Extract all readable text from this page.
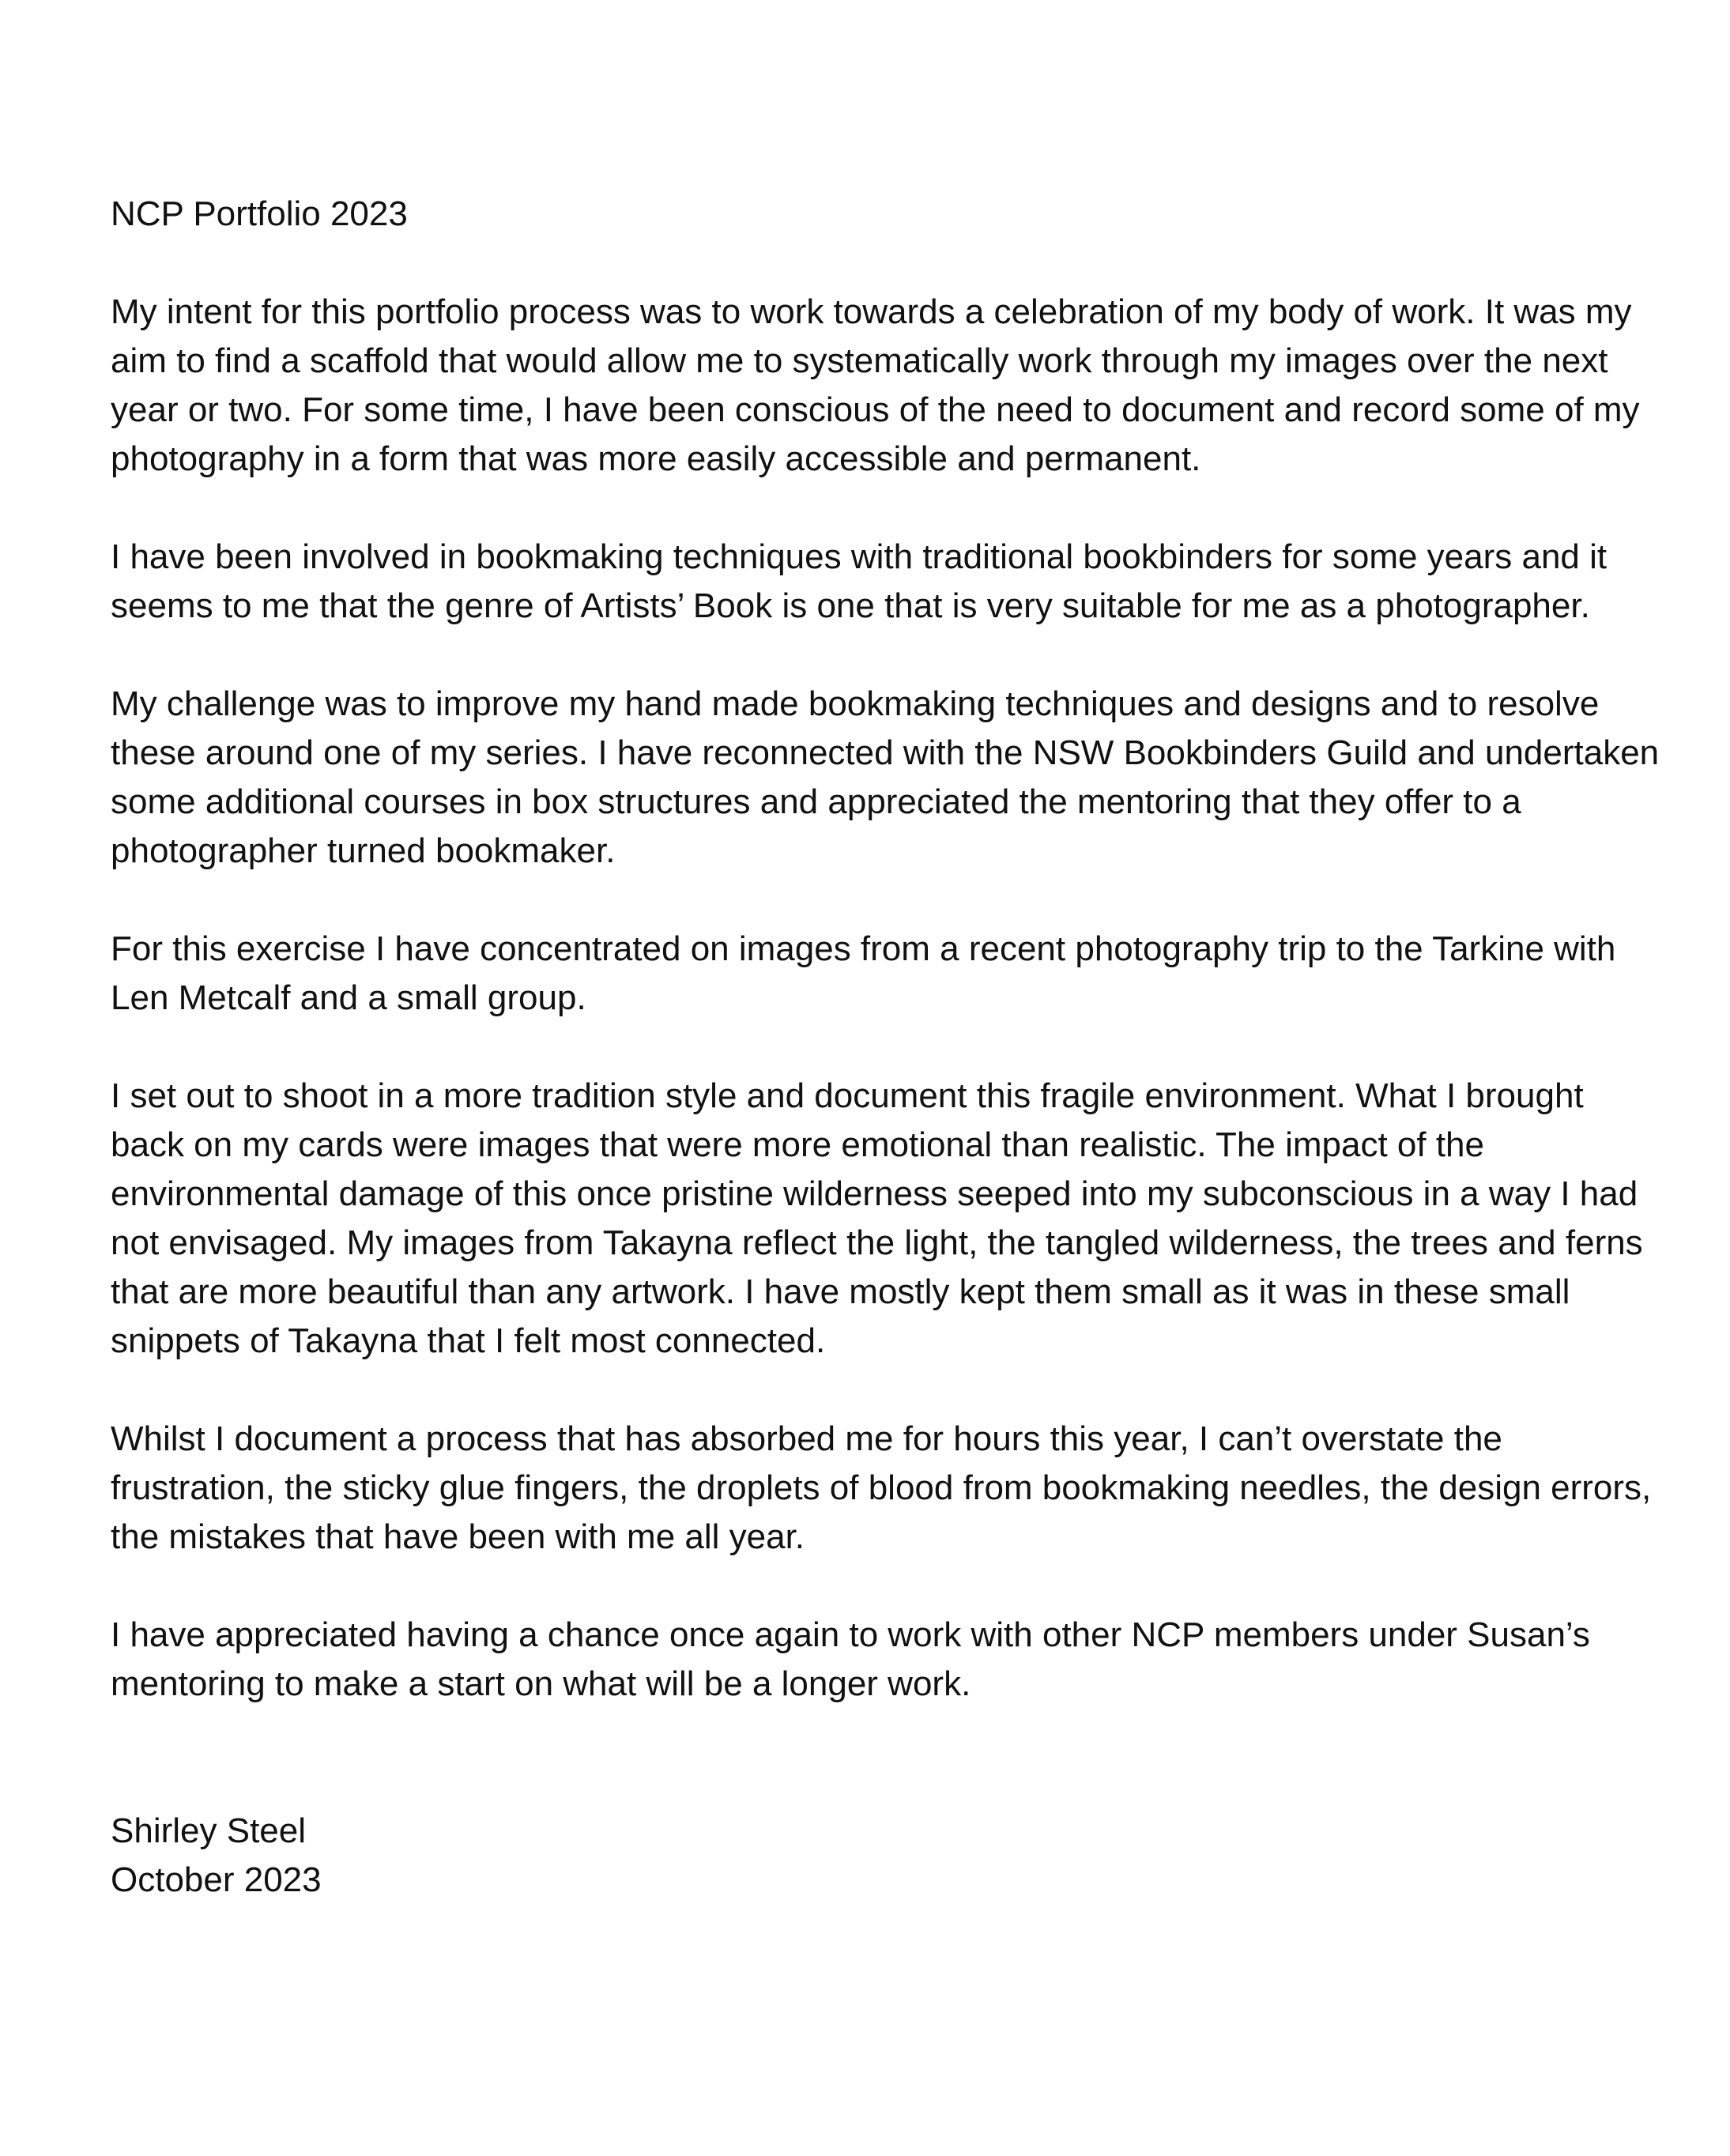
NCP Portfolio 2023

My intent for this portfolio process was to work towards a celebration of my body of work. It was my aim to find a scaffold that would allow me to systematically work through my images over the next year or two. For some time, I have been conscious of the need to document and record some of my photography in a form that was more easily accessible and permanent.

I have been involved in bookmaking techniques with traditional bookbinders for some years and it seems to me that the genre of Artists’ Book is one that is very suitable for me as a photographer.

My challenge was to improve my hand made bookmaking techniques and designs and to resolve these around one of my series. I have reconnected with the NSW Bookbinders Guild and undertaken some additional courses in box structures and appreciated the mentoring that they offer to a photographer turned bookmaker.

For this exercise I have concentrated on images from a recent photography trip to the Tarkine with Len Metcalf and a small group.

I set out to shoot in a more tradition style and document this fragile environment. What I brought back on my cards were images that were more emotional than realistic. The impact of the environmental damage of this once pristine wilderness seeped into my subconscious in a way I had not envisaged. My images from Takayna reflect the light, the tangled wilderness, the trees and ferns that are more beautiful than any artwork. I have mostly kept them small as it was in these small snippets of Takayna that I felt most connected.

Whilst I document a process that has absorbed me for hours this year, I can’t overstate the frustration, the sticky glue fingers, the droplets of blood from bookmaking needles, the design errors, the mistakes that have been with me all year.

I have appreciated having a chance once again to work with other NCP members under Susan’s mentoring to make a start on what will be a longer work.

Shirley Steel
October 2023
